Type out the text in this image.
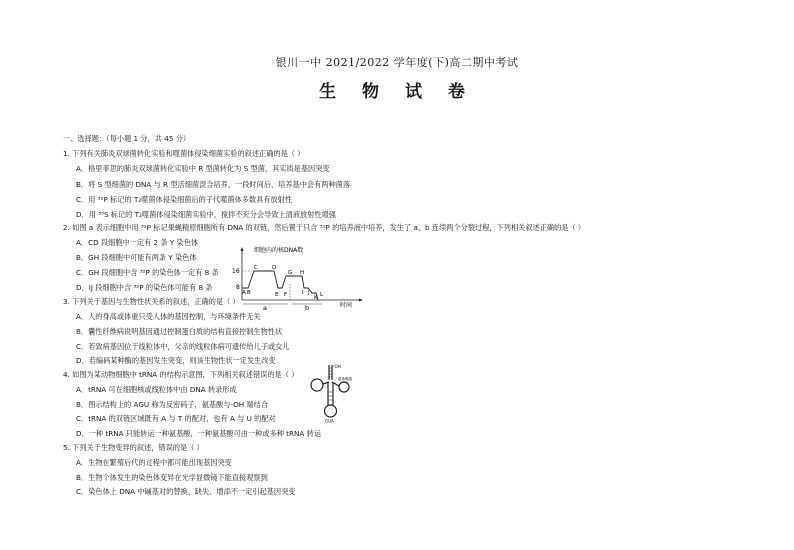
银川一中 2021/2022 学年度(下)高二期中考试
生 物 试 卷
一、选择题：（每小题 1 分，共 45 分）
1. 下列有关肺炎双球菌转化实验和噬菌体侵染细菌实验的叙述正确的是（ ）
A．格里菲思的肺炎双球菌转化实验中 R 型菌转化为 S 型菌，其实质是基因突变
B．将 S 型细菌的 DNA 与 R 型活细菌混合培养，一段时间后，培养基中会有两种菌落
C．用 ³²P 标记的 T₂噬菌体侵染细菌后的子代噬菌体多数具有放射性
D．用 ³⁵S 标记的 T₂噬菌体侵染细菌实验中，搅拌不充分会导致上清液放射性增强
2. 如图 a 表示细胞中用 ³²P 标记果蝇精原细胞所有 DNA 的双链，然后置于只含 ³¹P 的培养液中培养，发生了 a、b 连续两个分裂过程，下列相关叙述正确的是（ ）
A．CD 段细胞中一定有 2 条 Y 染色体
B．GH 段细胞中可能有两条 Y 染色体
C．GH 段细胞中含 ³²P 的染色体一定有 8 条
D．IJ 段细胞中含 ³²P 的染色体可能有 8 条
细胞内的核DNA数
16
8
A B
C	D
E F
G H
I J
K L
a	b	时间
3. 下列关于基因与生物性状关系的叙述，正确的是（ ）
A．人的身高或体重只受人体的基因控制，与环境条件无关
B．囊性纤维病说明基因通过控制蛋白质的结构直接控制生物性状
C．若致病基因位于线粒体中，父亲的线粒体病可遗传给儿子或女儿
D．若编码某种酶的基因发生突变，则该生物性状一定发生改变
4. 如图为某动物细胞中 tRNA 的结构示意图，下列相关叙述错误的是（ ）
A．tRNA 可在细胞核或线粒体中由 DNA 转录形成
B．图示结构上的 AGU 称为反密码子，氨基酸与-OH 端结合
C．tRNA 的双链区域既有 A 与 T 的配对，也有 A 与 U 的配对
D．一种 tRNA 只能转运一种氨基酸，一种氨基酸可由一种或多种 tRNA 转运
-OH
氨基酸端
GUA
5. 下列关于生物变异的叙述，错误的是（ ）
A．生物在繁殖后代的过程中都可能出现基因突变
B．生物个体发生的染色体变异在光学显微镜下能直接观察到
C．染色体上 DNA 中碱基对的替换、缺失、增添不一定引起基因突变
